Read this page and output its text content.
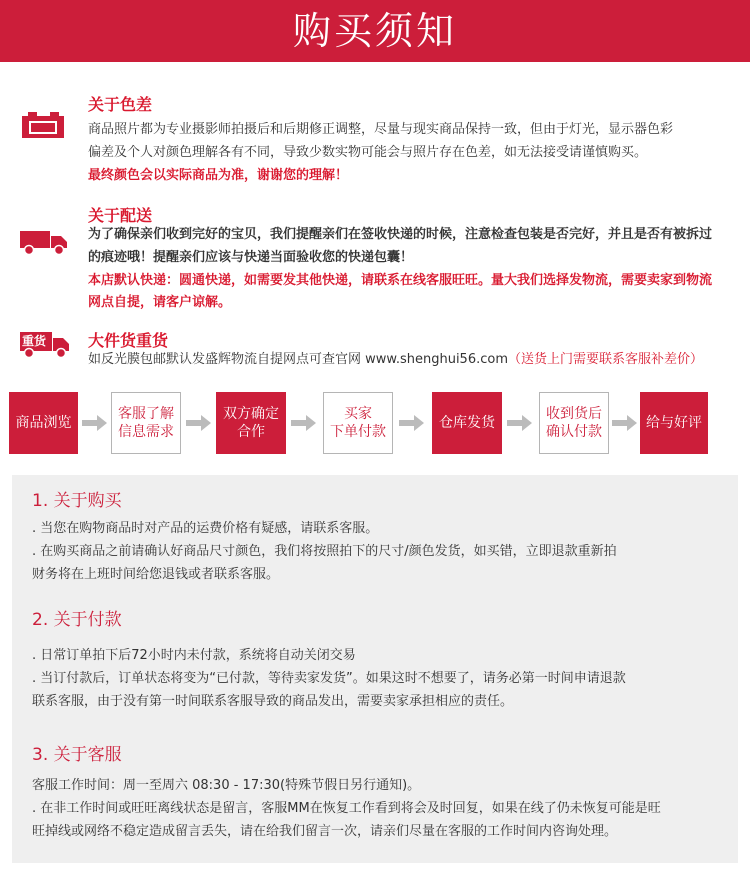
购买须知
关于色差
商品照片都为专业摄影师拍摄后和后期修正调整，尽量与现实商品保持一致，但由于灯光，显示器色彩
偏差及个人对颜色理解各有不同，导致少数实物可能会与照片存在色差，如无法接受请谨慎购买。
最终颜色会以实际商品为准，谢谢您的理解！
关于配送
为了确保亲们收到完好的宝贝，我们提醒亲们在签收快递的时候，注意检查包装是否完好，并且是否有被拆过
的痕迹哦！提醒亲们应该与快递当面验收您的快递包囊！
本店默认快递：圆通快递，如需要发其他快递，请联系在线客服旺旺。量大我们选择发物流，需要卖家到物流
网点自提，请客户谅解。
重货	大件货重货
如反光膜包邮默认发盛辉物流自提网点可查官网 www.shenghui56.com（送货上门需要联系客服补差价）
商品浏览
客服了解
信息需求
双方确定
合作
买家
下单付款
仓库发货
收到货后
确认付款
给与好评
1. 关于购买
. 当您在购物商品时对产品的运费价格有疑感，请联系客服。
. 在购买商品之前请确认好商品尺寸颜色，我们将按照拍下的尺寸/颜色发货，如买错，立即退款重新拍
财务将在上班时间给您退钱或者联系客服。
2. 关于付款
. 日常订单拍下后72小时内未付款，系统将自动关闭交易
. 当订付款后，订单状态将变为“已付款，等待卖家发货”。如果这时不想要了，请务必第一时间申请退款
联系客服，由于没有第一时间联系客服导致的商品发出，需要卖家承担相应的责任。
3. 关于客服
客服工作时间：周一至周六 08:30 - 17:30(特殊节假日另行通知)。
. 在非工作时间或旺旺离线状态是留言，客服MM在恢复工作看到将会及时回复，如果在线了仍未恢复可能是旺
旺掉线或网络不稳定造成留言丢失，请在给我们留言一次，请亲们尽量在客服的工作时间内咨询处理。
